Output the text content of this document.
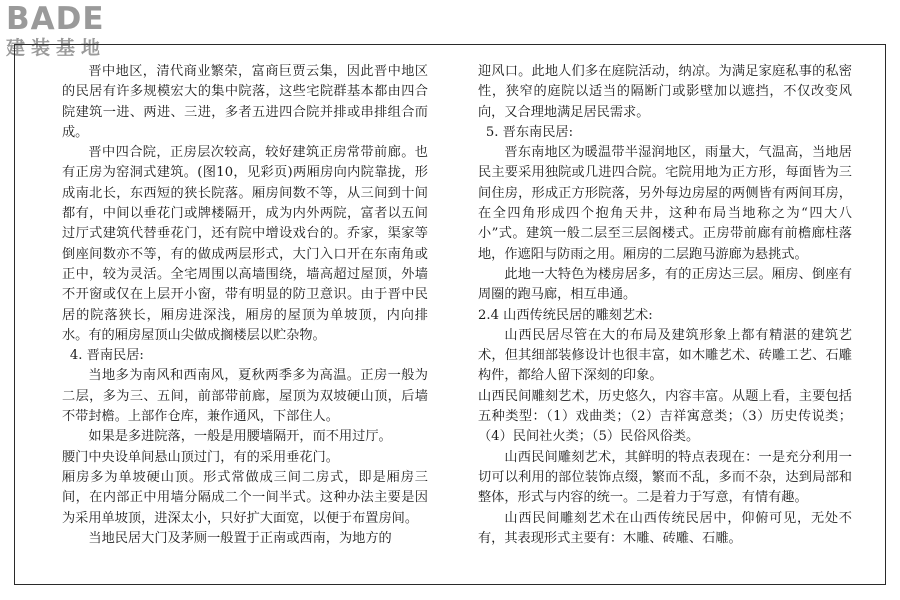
BADE
建装基地

晋中地区，清代商业繁荣，富商巨贾云集，因此晋中地区的民居有许多规模宏大的集中院落，这些宅院群基本都由四合院建筑一进、两进、三进，多者五进四合院并排或串排组合而成。

晋中四合院，正房层次较高，较好建筑正房常带前廊。也有正房为窑洞式建筑。(图10，见彩页)两厢房向内院靠拢，形成南北长，东西短的狭长院落。厢房间数不等，从三间到十间都有，中间以垂花门或牌楼隔开，成为内外两院，富者以五间过厅式建筑代替垂花门，还有院中增设戏台的。乔家，渠家等倒座间数亦不等，有的做成两层形式，大门入口开在东南角或正中，较为灵活。全宅周围以高墙围绕，墙高超过屋顶，外墙不开窗或仅在上层开小窗，带有明显的防卫意识。由于晋中民居的院落狭长，厢房进深浅，厢房的屋顶为单坡顶，内向排水。有的厢房屋顶山尖做成搁楼层以贮杂物。

4. 晋南民居:

当地多为南风和西南风，夏秋两季多为高温。正房一般为二层，多为三、五间，前部带前廊，屋顶为双坡硬山顶，后墙不带封檐。上部作仓库，兼作通风，下部住人。

如果是多进院落，一般是用腰墙隔开，而不用过厅。

腰门中央设单间悬山顶过门，有的采用垂花门。

厢房多为单坡硬山顶。形式常做成三间二房式，即是厢房三间，在内部正中用墙分隔成二个一间半式。这种办法主要是因为采用单坡顶，进深太小，只好扩大面宽，以便于布置房间。

当地民居大门及茅厕一般置于正南或西南，为地方的

迎风口。此地人们多在庭院活动，纳凉。为满足家庭私事的私密性，狭窄的庭院以适当的隔断门或影壁加以遮挡，不仅改变风向，又合理地满足居民需求。

5. 晋东南民居:

晋东南地区为暖温带半湿润地区，雨量大，气温高，当地居民主要采用独院或几进四合院。宅院用地为正方形，每面皆为三间住房，形成正方形院落，另外每边房屋的两侧皆有两间耳房，在全四角形成四个抱角天井，这种布局当地称之为“四大八小”式。建筑一般二层至三层阁楼式。正房带前廊有前檐廊柱落地，作遮阳与防雨之用。厢房的二层跑马游廊为悬挑式。

此地一大特色为楼房居多，有的正房达三层。厢房、倒座有周圈的跑马廊，相互串通。

2.4 山西传统民居的雕刻艺术:

山西民居尽管在大的布局及建筑形象上都有精湛的建筑艺术，但其细部装修设计也很丰富，如木雕艺术、砖雕工艺、石雕构件，都给人留下深刻的印象。

山西民间雕刻艺术，历史悠久，内容丰富。从题上看，主要包括五种类型：（1）戏曲类；（2）吉祥寓意类；（3）历史传说类；（4）民间社火类；（5）民俗风俗类。

山西民间雕刻艺术，其鲜明的特点表现在：一是充分利用一切可以利用的部位装饰点缀，繁而不乱，多而不杂，达到局部和整体，形式与内容的统一。二是着力于写意，有情有趣。

山西民间雕刻艺术在山西传统民居中，仰俯可见，无处不有，其表现形式主要有：木雕、砖雕、石雕。
